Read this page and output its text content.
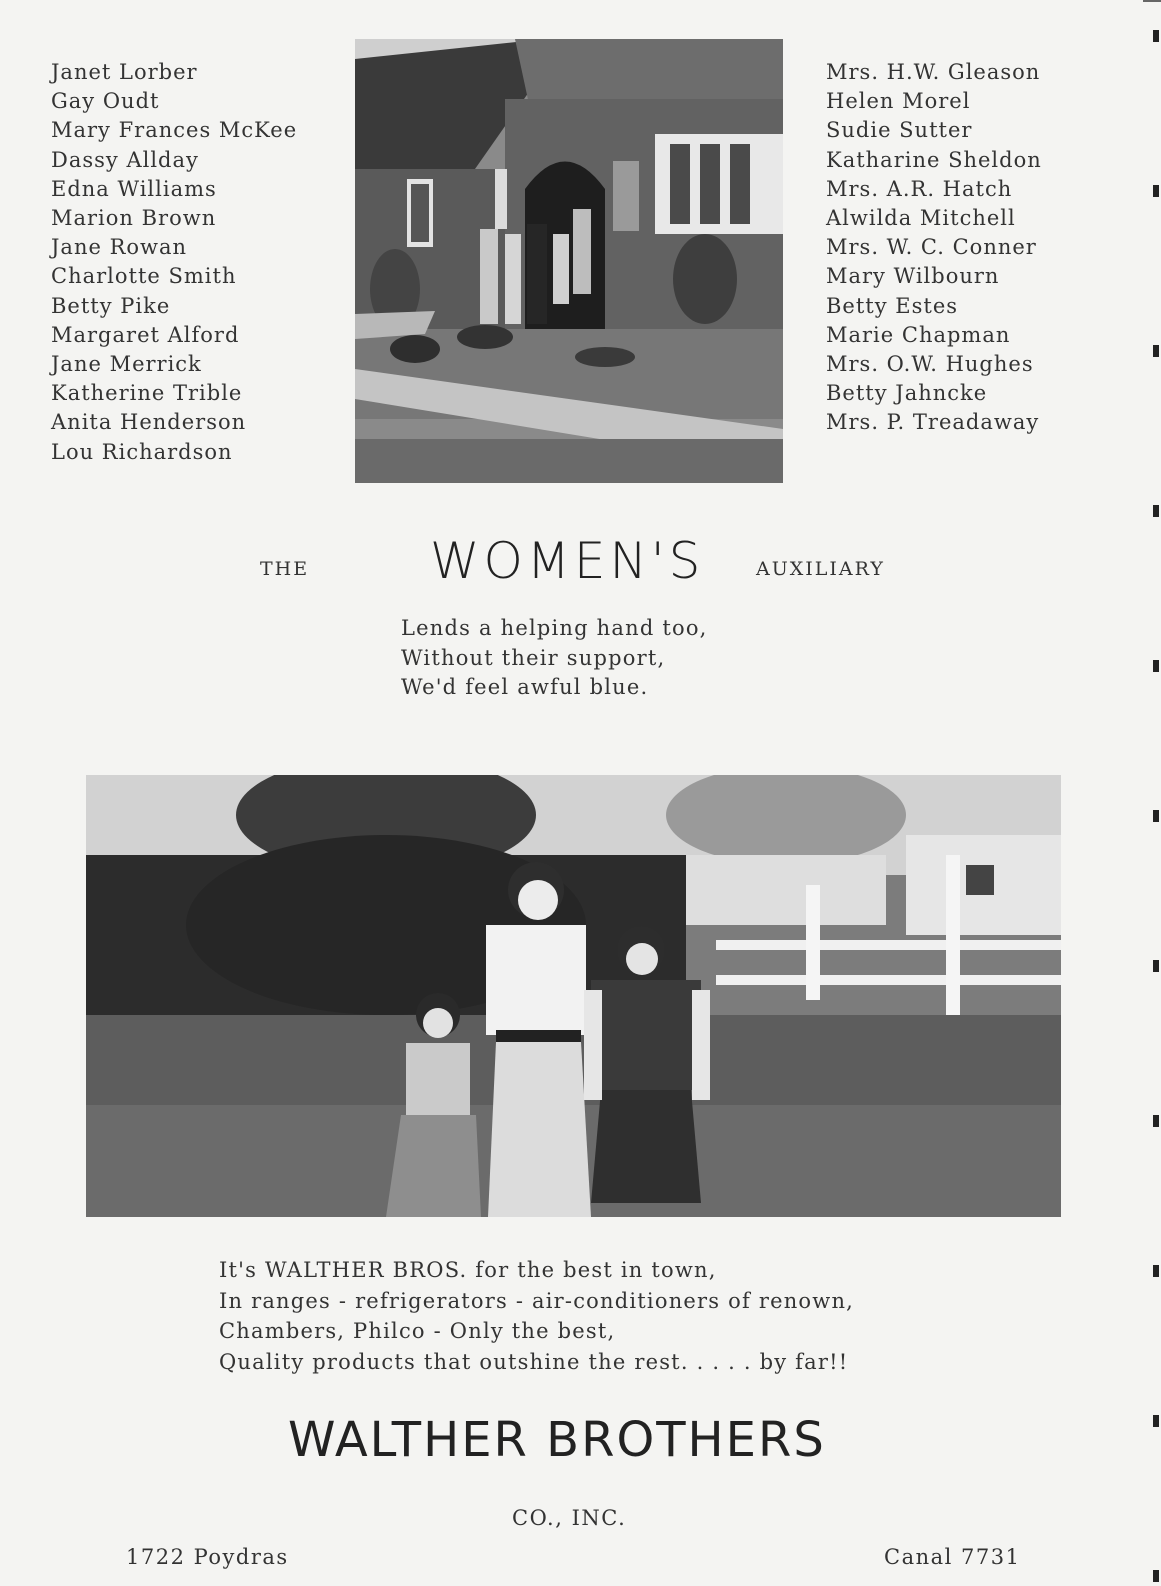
Janet Lorber
Gay Oudt
Mary Frances McKee
Dassy Allday
Edna Williams
Marion Brown
Jane Rowan
Charlotte Smith
Betty Pike
Margaret Alford
Jane Merrick
Katherine Trible
Anita Henderson
Lou Richardson
Mrs. H.W. Gleason
Helen Morel
Sudie Sutter
Katharine Sheldon
Mrs. A.R. Hatch
Alwilda Mitchell
Mrs. W. C. Conner
Mary Wilbourn
Betty Estes
Marie Chapman
Mrs. O.W. Hughes
Betty Jahncke
Mrs. P. Treadaway
THE WOMEN'S	AUXILIARY
Lends a helping hand too,
Without their support,
We'd feel awful blue.
It's WALTHER BROS. for the best in town,
In ranges - refrigerators - air-conditioners of renown,
Chambers, Philco - Only the best,
Quality products that outshine the rest. . . . . by far!!
WALTHER BROTHERS
CO., INC.
1722 Poydras	Canal 7731
